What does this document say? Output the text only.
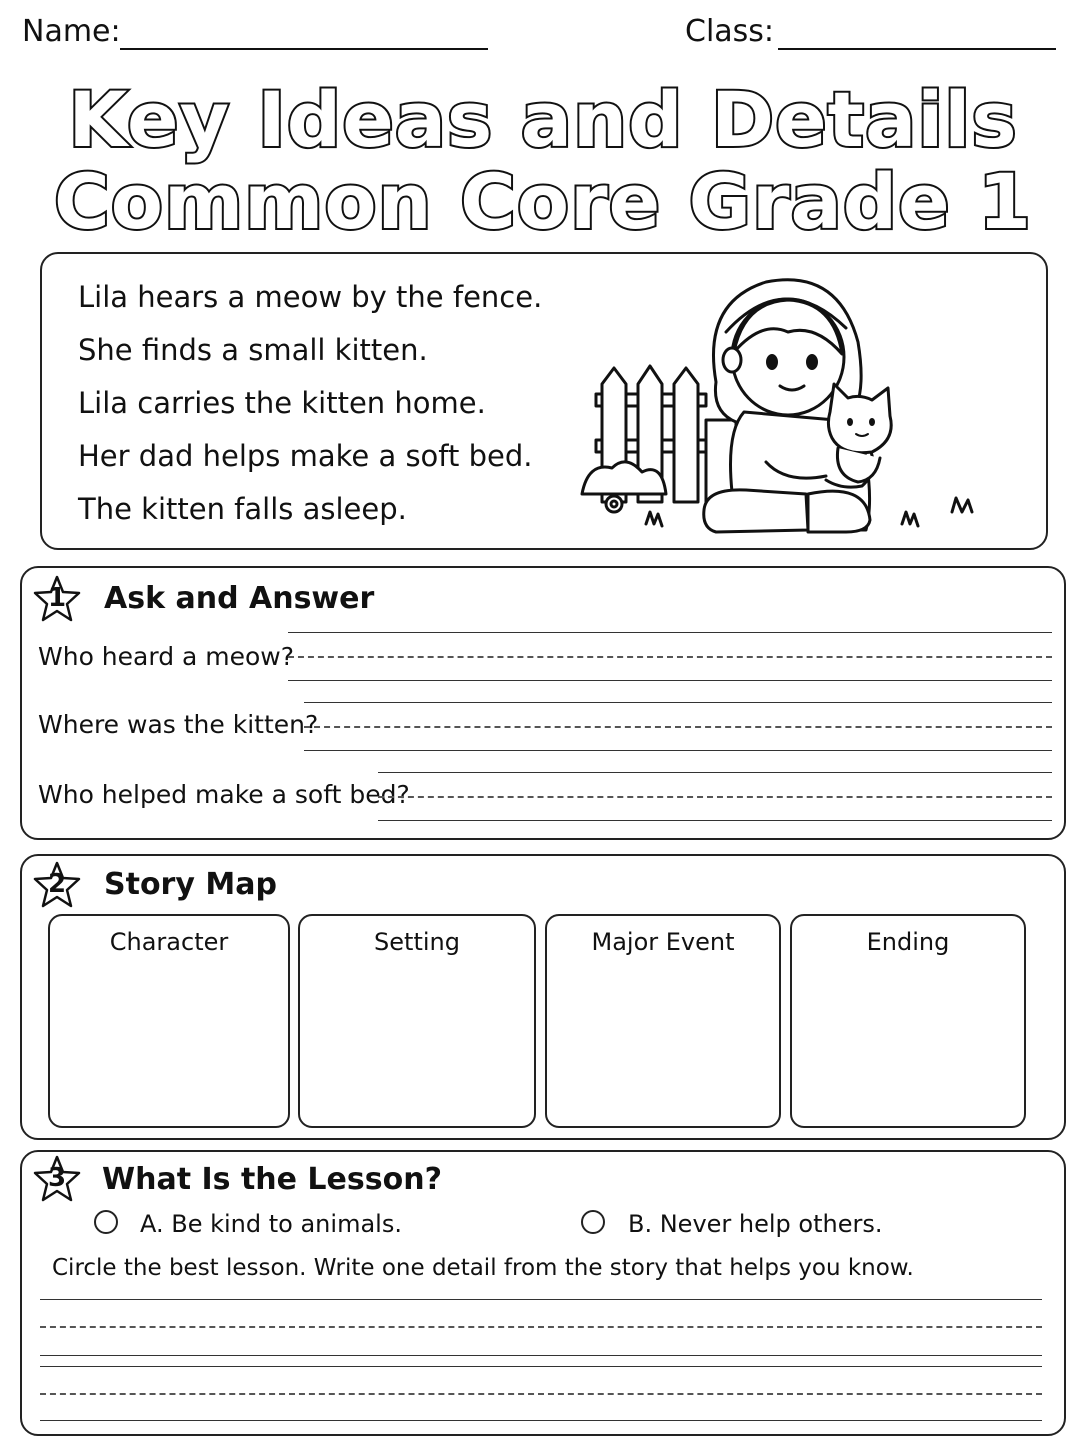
Name:	Class:
Key Ideas and Details
Common Core Grade 1
Lila hears a meow by the fence.
She finds a small kitten.
Lila carries the kitten home.
Her dad helps make a soft bed.
The kitten falls asleep.
1	Ask and Answer
Who heard a meow?
Where was the kitten?
Who helped make a soft bed?
2	Story Map
Character	Setting	Major Event	Ending
3	What Is the Lesson?
A. Be kind to animals.	B. Never help others.
Circle the best lesson. Write one detail from the story that helps you know.
